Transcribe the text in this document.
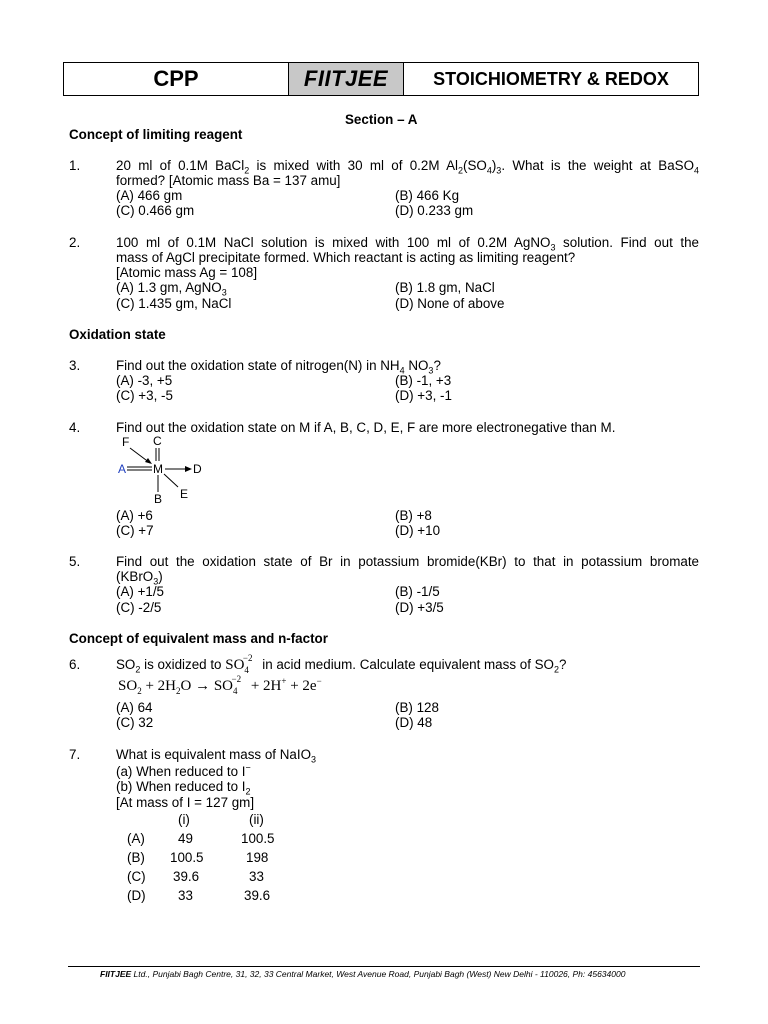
CPP	FIITJEE	STOICHIOMETRY & REDOX
Section – A
Concept of limiting reagent
1.	20 ml of 0.1M BaCl$_2$ is mixed with 30 ml of 0.2M $Al_2(SO_4)_3$. What is the weight at BaSO$_4$
formed? [Atomic mass Ba = 137 amu]
(A) 466 gm	(B) 466 Kg
(C) 0.466 gm	(D) 0.233 gm
2.	100 ml of 0.1M NaCl solution is mixed with 100 ml of 0.2M AgNO$_3$ solution. Find out the
mass of AgCl precipitate formed. Which reactant is acting as limiting reagent?
[Atomic mass Ag = 108]
(A) 1.3 gm, AgNO$_3$	(B) 1.8 gm, NaCl
(C) 1.435 gm, NaCl	(D) None of above
Oxidation state
3.	Find out the oxidation state of nitrogen(N) in $NH_4$ $NO_3$?
(A) -3, +5	(B) -1, +3
(C) +3, -5	(D) +3, -1
4.	Find out the oxidation state on M if A, B, C, D, E, F are more electronegative than M.
F C
A M	D
B E
(A) +6	(B) +8
(C) +7	(D) +10
5.	Find out the oxidation state of Br in potassium bromide(KBr) to that in potassium bromate
(KBrO$_3$)
(A) +1/5	(B) -1/5
(C) -2/5	(D) +3/5
Concept of equivalent mass and n-factor
6.	$SO_2$ is oxidized to $SO_4^{-2}$ in acid medium. Calculate equivalent mass of $SO_2$?
$SO_2 + 2H_2O \to SO_4^{-2} + 2H^+ + 2e^-$
(A) 64	(B) 128
(C) 32	(D) 48
7.	What is equivalent mass of NaIO$_3$
(a) When reduced to I−
(b) When reduced to $I_2$
[At mass of I = 127 gm]
(i)	(ii)
(A) 49	100.5
(B) 100.5	198
(C) 39.6	33
(D) 33	39.6
FIITJEE Ltd., Punjabi Bagh Centre, 31, 32, 33 Central Market, West Avenue Road, Punjabi Bagh (West) New Delhi - 110026, Ph: 45634000
